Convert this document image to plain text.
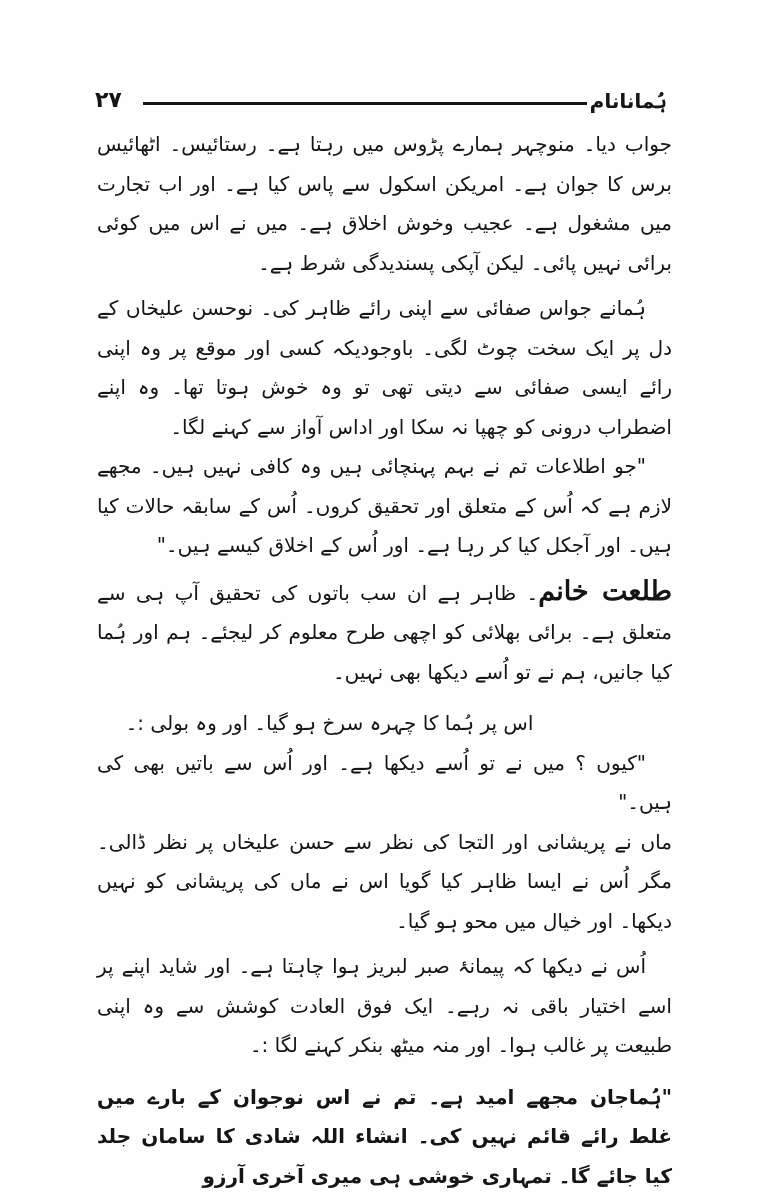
ہُمانانام
۲۷

جواب دیا۔ منوچہر ہمارے پڑوس میں رہتا ہے۔ رستائیس۔ اٹھائیس برس کا جوان ہے۔ امریکن اسکول سے پاس کیا ہے۔ اور اب تجارت میں مشغول ہے۔ عجیب وخوش اخلاق ہے۔ میں نے اس میں کوئی برائی نہیں پائی۔ لیکن آپکی پسندیدگی شرط ہے۔

ہُمانے جواس صفائی سے اپنی رائے ظاہر کی۔ نوحسن علیخاں کے دل پر ایک سخت چوٹ لگی۔ باوجودیکہ کسی اور موقع پر وہ اپنی رائے ایسی صفائی سے دیتی تھی تو وہ خوش ہوتا تھا۔ وہ اپنے اضطراب درونی کو چھپا نہ سکا اور اداس آواز سے کہنے لگا۔

"جو اطلاعات تم نے بہم پہنچائی ہیں وہ کافی نہیں ہیں۔ مجھے لازم ہے کہ اُس کے متعلق اور تحقیق کروں۔ اُس کے سابقہ حالات کیا ہیں۔ اور آجکل کیا کر رہا ہے۔ اور اُس کے اخلاق کیسے ہیں۔"

طلعت خانم۔ ظاہر ہے ان سب باتوں کی تحقیق آپ ہی سے متعلق ہے۔ برائی بھلائی کو اچھی طرح معلوم کر لیجئے۔ ہم اور ہُما کیا جانیں، ہم نے تو اُسے دیکھا بھی نہیں۔

اس پر ہُما کا چہرہ سرخ ہو گیا۔ اور وہ بولی :۔

"کیوں ؟ میں نے تو اُسے دیکھا ہے۔ اور اُس سے باتیں بھی کی ہیں۔"

ماں نے پریشانی اور التجا کی نظر سے حسن علیخاں پر نظر ڈالی۔ مگر اُس نے ایسا ظاہر کیا گویا اس نے ماں کی پریشانی کو نہیں دیکھا۔ اور خیال میں محو ہو گیا۔

اُس نے دیکھا کہ پیمانۂ صبر لبریز ہوا چاہتا ہے۔ اور شاید اپنے پر اسے اختیار باقی نہ رہے۔ ایک فوق العادت کوشش سے وہ اپنی طبیعت پر غالب ہوا۔ اور منہ میٹھ بنکر کہنے لگا :۔

"ہُماجان مجھے امید ہے۔ تم نے اس نوجوان کے بارے میں غلط رائے قائم نہیں کی۔ انشاء اللہ شادی کا سامان جلد کیا جائے گا۔ تمہاری خوشی ہی میری آخری آرزو
